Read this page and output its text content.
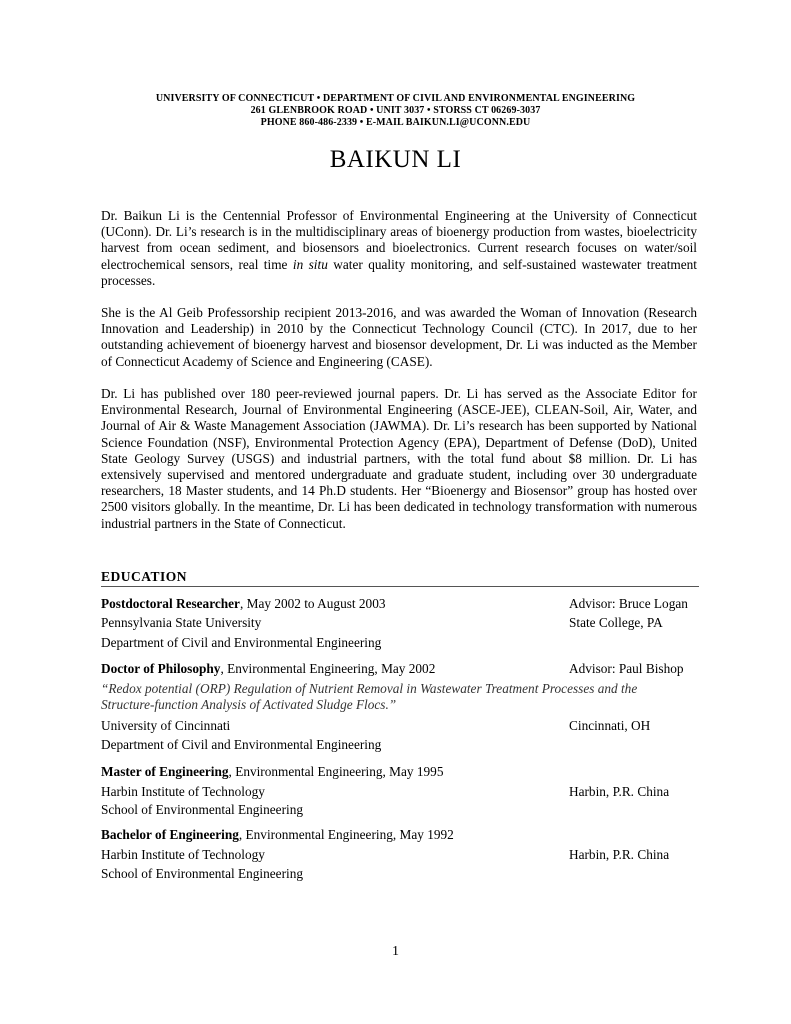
UNIVERSITY OF CONNECTICUT • DEPARTMENT OF CIVIL AND ENVIRONMENTAL ENGINEERING
261 GLENBROOK ROAD • UNIT 3037 • STORSS CT 06269-3037
PHONE 860-486-2339 • E-MAIL BAIKUN.LI@UCONN.EDU
BAIKUN LI
Dr. Baikun Li is the Centennial Professor of Environmental Engineering at the University of Connecticut (UConn). Dr. Li’s research is in the multidisciplinary areas of bioenergy production from wastes, bioelectricity harvest from ocean sediment, and biosensors and bioelectronics. Current research focuses on water/soil electrochemical sensors, real time in situ water quality monitoring, and self-sustained wastewater treatment processes.
She is the Al Geib Professorship recipient 2013-2016, and was awarded the Woman of Innovation (Research Innovation and Leadership) in 2010 by the Connecticut Technology Council (CTC). In 2017, due to her outstanding achievement of bioenergy harvest and biosensor development, Dr. Li was inducted as the Member of Connecticut Academy of Science and Engineering (CASE).
Dr. Li has published over 180 peer-reviewed journal papers. Dr. Li has served as the Associate Editor for Environmental Research, Journal of Environmental Engineering (ASCE-JEE), CLEAN-Soil, Air, Water, and Journal of Air & Waste Management Association (JAWMA). Dr. Li’s research has been supported by National Science Foundation (NSF), Environmental Protection Agency (EPA), Department of Defense (DoD), United State Geology Survey (USGS) and industrial partners, with the total fund about $8 million. Dr. Li has extensively supervised and mentored undergraduate and graduate student, including over 30 undergraduate researchers, 18 Master students, and 14 Ph.D students. Her “Bioenergy and Biosensor” group has hosted over 2500 visitors globally. In the meantime, Dr. Li has been dedicated in technology transformation with numerous industrial partners in the State of Connecticut.
EDUCATION
Postdoctoral Researcher, May 2002 to August 2003	Advisor: Bruce Logan
Pennsylvania State University	State College, PA
Department of Civil and Environmental Engineering
Doctor of Philosophy, Environmental Engineering, May 2002	Advisor: Paul Bishop
“Redox potential (ORP) Regulation of Nutrient Removal in Wastewater Treatment Processes and the
Structure-function Analysis of Activated Sludge Flocs.”
University of Cincinnati	Cincinnati, OH
Department of Civil and Environmental Engineering
Master of Engineering, Environmental Engineering, May 1995
Harbin Institute of Technology	Harbin, P.R. China
School of Environmental Engineering
Bachelor of Engineering, Environmental Engineering, May 1992
Harbin Institute of Technology	Harbin, P.R. China
School of Environmental Engineering
1
